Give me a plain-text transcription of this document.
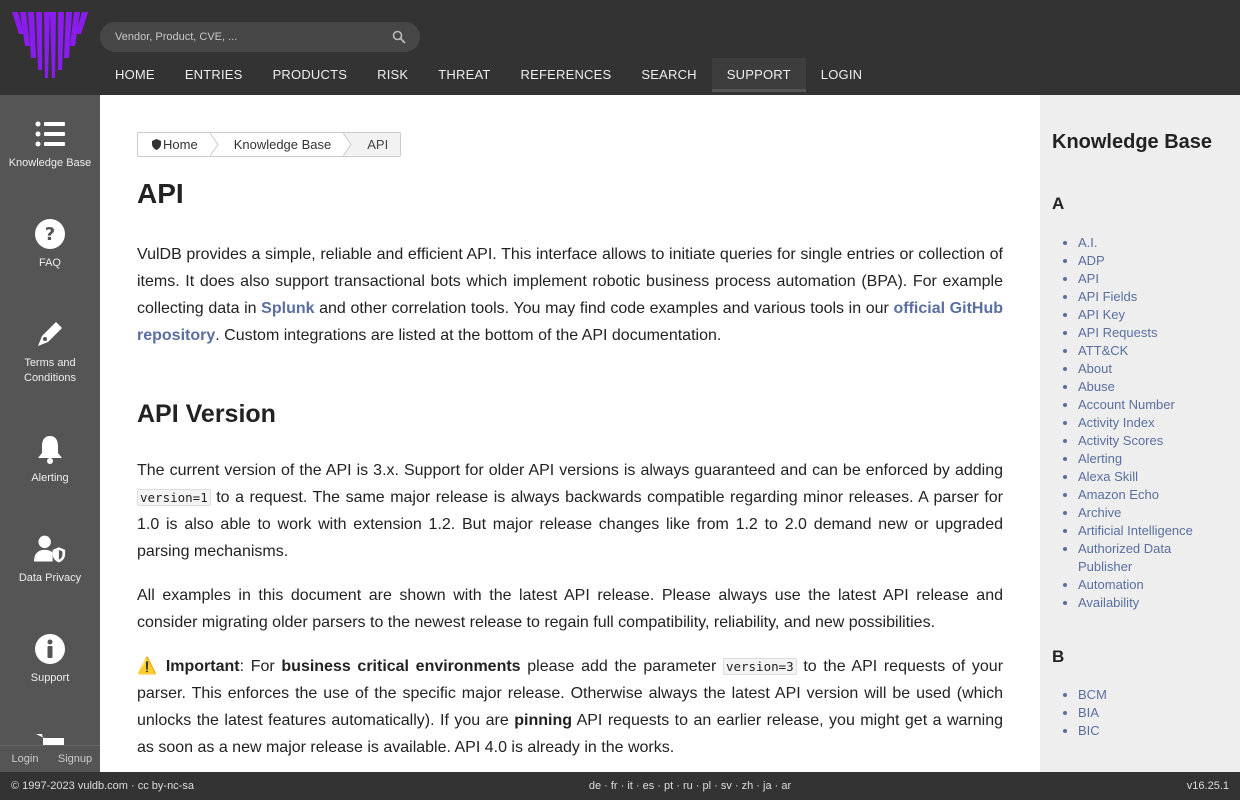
Vendor, Product, CVE, ...
HOME	ENTRIES	PRODUCTS	RISK	THREAT	REFERENCES	SEARCH	SUPPORT	LOGIN
Knowledge Base
?
FAQ
Terms and Conditions
Alerting
Data Privacy
Support
Login	Signup
Home	Knowledge Base	API
API
VulDB provides a simple, reliable and efficient API. This interface allows to initiate queries for single entries or collection of items. It does also support transactional bots which implement robotic business process automation (BPA). For example collecting data in Splunk and other correlation tools. You may find code examples and various tools in our official GitHub repository. Custom integrations are listed at the bottom of the API documentation.
API Version
The current version of the API is 3.x. Support for older API versions is always guaranteed and can be enforced by adding version=1 to a request. The same major release is always backwards compatible regarding minor releases. A parser for 1.0 is also able to work with extension 1.2. But major release changes like from 1.2 to 2.0 demand new or upgraded parsing mechanisms.
All examples in this document are shown with the latest API release. Please always use the latest API release and consider migrating older parsers to the newest release to regain full compatibility, reliability, and new possibilities.
⚠️ Important: For business critical environments please add the parameter version=3 to the API requests of your parser. This enforces the use of the specific major release. Otherwise always the latest API version will be used (which unlocks the latest features automatically). If you are pinning API requests to an earlier release, you might get a warning as soon as a new major release is available. API 4.0 is already in the works.
Knowledge Base
A
• A.I.
• ADP
• API
• API Fields
• API Key
• API Requests
• ATT&CK
• About
• Abuse
• Account Number
• Activity Index
• Activity Scores
• Alerting
• Alexa Skill
• Amazon Echo
• Archive
• Artificial Intelligence
• Authorized Data Publisher
• Automation
• Availability
B
• BCM
• BIA
• BIC
© 1997-2023 vuldb.com · cc by-nc-sa	de · fr · it · es · pt · ru · pl · sv · zh · ja · ar	v16.25.1
